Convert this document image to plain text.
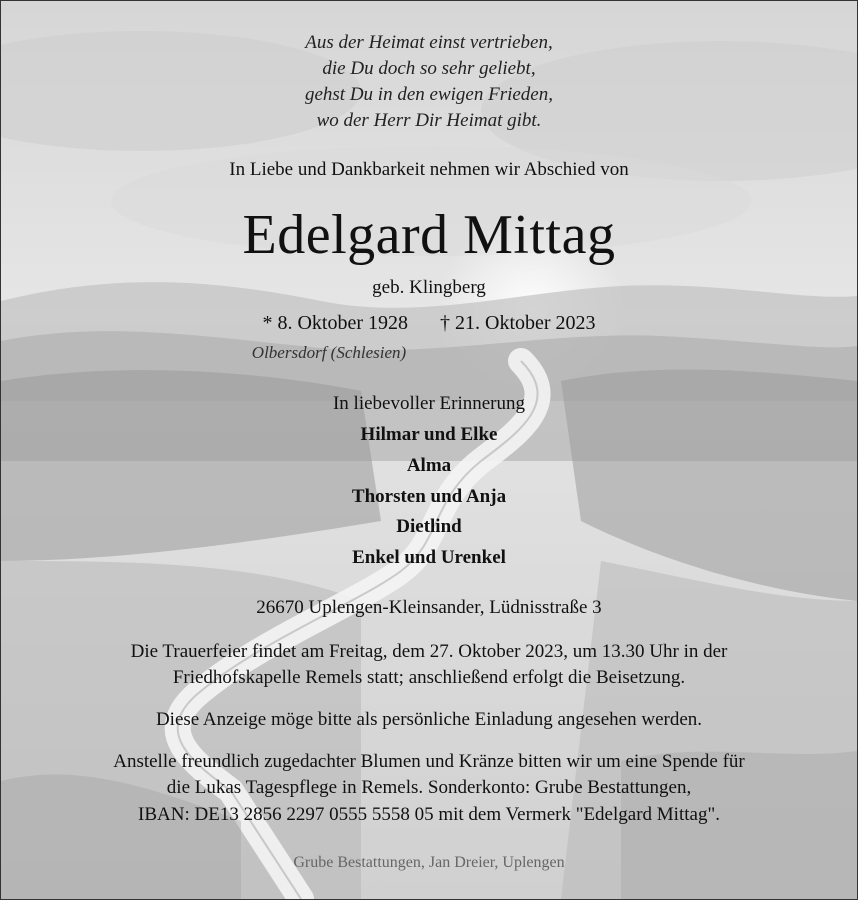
Aus der Heimat einst vertrieben,
die Du doch so sehr geliebt,
gehst Du in den ewigen Frieden,
wo der Herr Dir Heimat gibt.
In Liebe und Dankbarkeit nehmen wir Abschied von
Edelgard Mittag
geb. Klingberg
* 8. Oktober 1928 † 21. Oktober 2023
Olbersdorf (Schlesien)
In liebevoller Erinnerung
Hilmar und Elke
Alma
Thorsten und Anja
Dietlind
Enkel und Urenkel
26670 Uplengen-Kleinsander, Lüdnisstraße 3
Die Trauerfeier findet am Freitag, dem 27. Oktober 2023, um 13.30 Uhr in der
Friedhofskapelle Remels statt; anschließend erfolgt die Beisetzung.
Diese Anzeige möge bitte als persönliche Einladung angesehen werden.
Anstelle freundlich zugedachter Blumen und Kränze bitten wir um eine Spende für
die Lukas Tagespflege in Remels. Sonderkonto: Grube Bestattungen,
IBAN: DE13 2856 2297 0555 5558 05 mit dem Vermerk "Edelgard Mittag".
Grube Bestattungen, Jan Dreier, Uplengen
